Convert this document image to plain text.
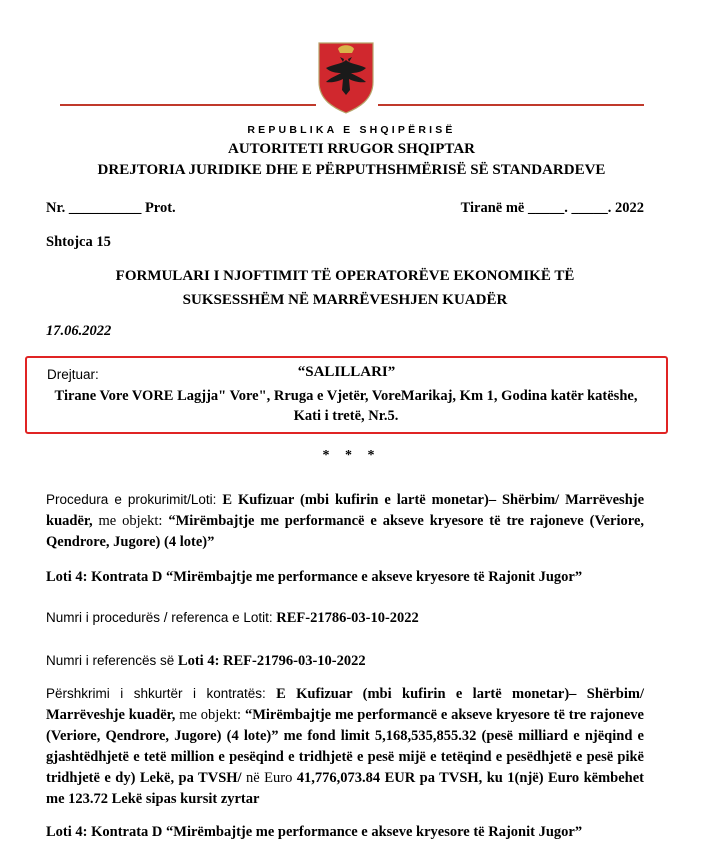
REPUBLIKA E SHQIPËRISË
AUTORITETI RRUGOR SHQIPTAR
DREJTORIA JURIDIKE DHE E PËRPUTHSHMËRISË SË STANDARDEVE
Nr. __________ Prot.	Tiranë më _____. _____. 2022
Shtojca 15
FORMULARI I NJOFTIMIT TË OPERATORËVE EKONOMIKË TË
SUKSESSHËM NË MARRËVESHJEN KUADËR
17.06.2022
Drejtuar:	“SALILLARI”
Tirane Vore VORE Lagjja" Vore", Rruga e Vjetër, VoreMarikaj, Km 1, Godina katër katëshe, Kati i tretë, Nr.5.
* * *
Procedura e prokurimit/Loti: E Kufizuar (mbi kufirin e lartë monetar)– Shërbim/ Marrëveshje kuadër, me objekt: “Mirëmbajtje me performancë e akseve kryesore të tre rajoneve (Veriore, Qendrore, Jugore) (4 lote)”
Loti 4: Kontrata D “Mirëmbajtje me performance e akseve kryesore të Rajonit Jugor”
Numri i procedurës / referenca e Lotit: REF-21786-03-10-2022
Numri i referencës së Loti 4: REF-21796-03-10-2022
Përshkrimi i shkurtër i kontratës: E Kufizuar (mbi kufirin e lartë monetar)– Shërbim/ Marrëveshje kuadër, me objekt: “Mirëmbajtje me performancë e akseve kryesore të tre rajoneve (Veriore, Qendrore, Jugore) (4 lote)” me fond limit 5,168,535,855.32 (pesë milliard e njëqind e gjashtëdhjetë e tetë million e pesëqind e tridhjetë e pesë mijë e tetëqind e pesëdhjetë e pesë pikë tridhjetë e dy) Lekë, pa TVSH/ në Euro 41,776,073.84 EUR pa TVSH, ku 1(një) Euro këmbehet me 123.72 Lekë sipas kursit zyrtar
Loti 4: Kontrata D “Mirëmbajtje me performance e akseve kryesore të Rajonit Jugor”
